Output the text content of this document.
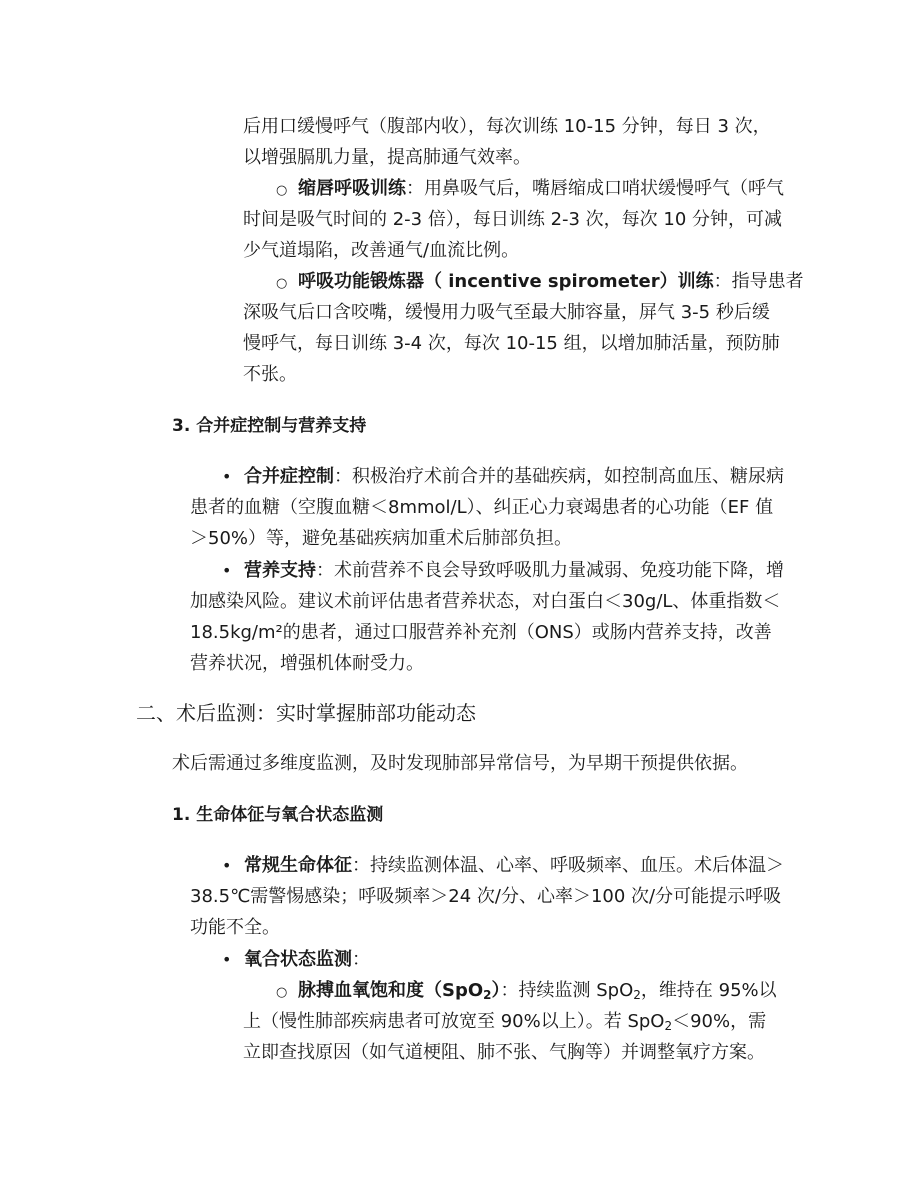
后用口缓慢呼气（腹部内收），每次训练 10-15 分钟，每日 3 次，
以增强膈肌力量，提高肺通气效率。
○ 缩唇呼吸训练：用鼻吸气后，嘴唇缩成口哨状缓慢呼气（呼气
时间是吸气时间的 2-3 倍），每日训练 2-3 次，每次 10 分钟，可减
少气道塌陷，改善通气/血流比例。
○ 呼吸功能锻炼器（ incentive spirometer）训练：指导患者
深吸气后口含咬嘴，缓慢用力吸气至最大肺容量，屏气 3-5 秒后缓
慢呼气，每日训练 3-4 次，每次 10-15 组，以增加肺活量，预防肺
不张。
3. 合并症控制与营养支持
• 合并症控制：积极治疗术前合并的基础疾病，如控制高血压、糖尿病
患者的血糖（空腹血糖＜8mmol/L）、纠正心力衰竭患者的心功能（EF 值
＞50%）等，避免基础疾病加重术后肺部负担。
• 营养支持：术前营养不良会导致呼吸肌力量减弱、免疫功能下降，增
加感染风险。建议术前评估患者营养状态，对白蛋白＜30g/L、体重指数＜
18.5kg/m²的患者，通过口服营养补充剂（ONS）或肠内营养支持，改善
营养状况，增强机体耐受力。
二、术后监测：实时掌握肺部功能动态
术后需通过多维度监测，及时发现肺部异常信号，为早期干预提供依据。
1. 生命体征与氧合状态监测
• 常规生命体征：持续监测体温、心率、呼吸频率、血压。术后体温＞
38.5℃需警惕感染；呼吸频率＞24 次/分、心率＞100 次/分可能提示呼吸
功能不全。
• 氧合状态监测：
○ 脉搏血氧饱和度（SpO$_2$）：持续监测 SpO$_2$，维持在 95%以
上（慢性肺部疾病患者可放宽至 90%以上）。若 SpO$_2$＜90%，需
立即查找原因（如气道梗阻、肺不张、气胸等）并调整氧疗方案。
